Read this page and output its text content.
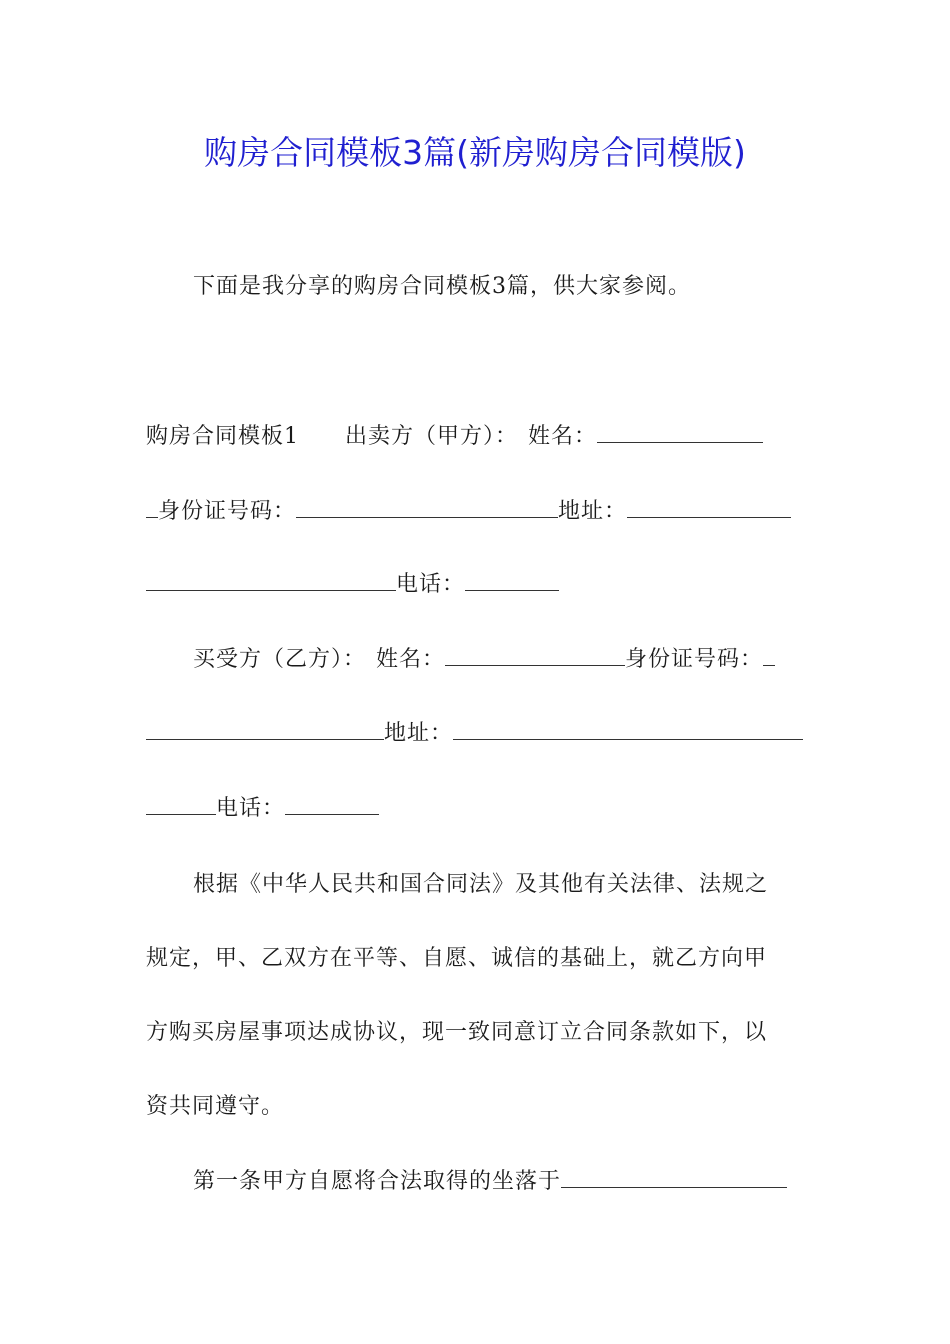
购房合同模板3篇(新房购房合同模版)
下面是我分享的购房合同模板3篇，供大家参阅。
购房合同模板1 出卖方（甲方）： 姓名：
身份证号码：	地址：
电话：
买受方（乙方）： 姓名：	身份证号码：
地址：
电话：
根据《中华人民共和国合同法》及其他有关法律、法规之
规定，甲、乙双方在平等、自愿、诚信的基础上，就乙方向甲
方购买房屋事项达成协议，现一致同意订立合同条款如下，以
资共同遵守。
第一条甲方自愿将合法取得的坐落于
